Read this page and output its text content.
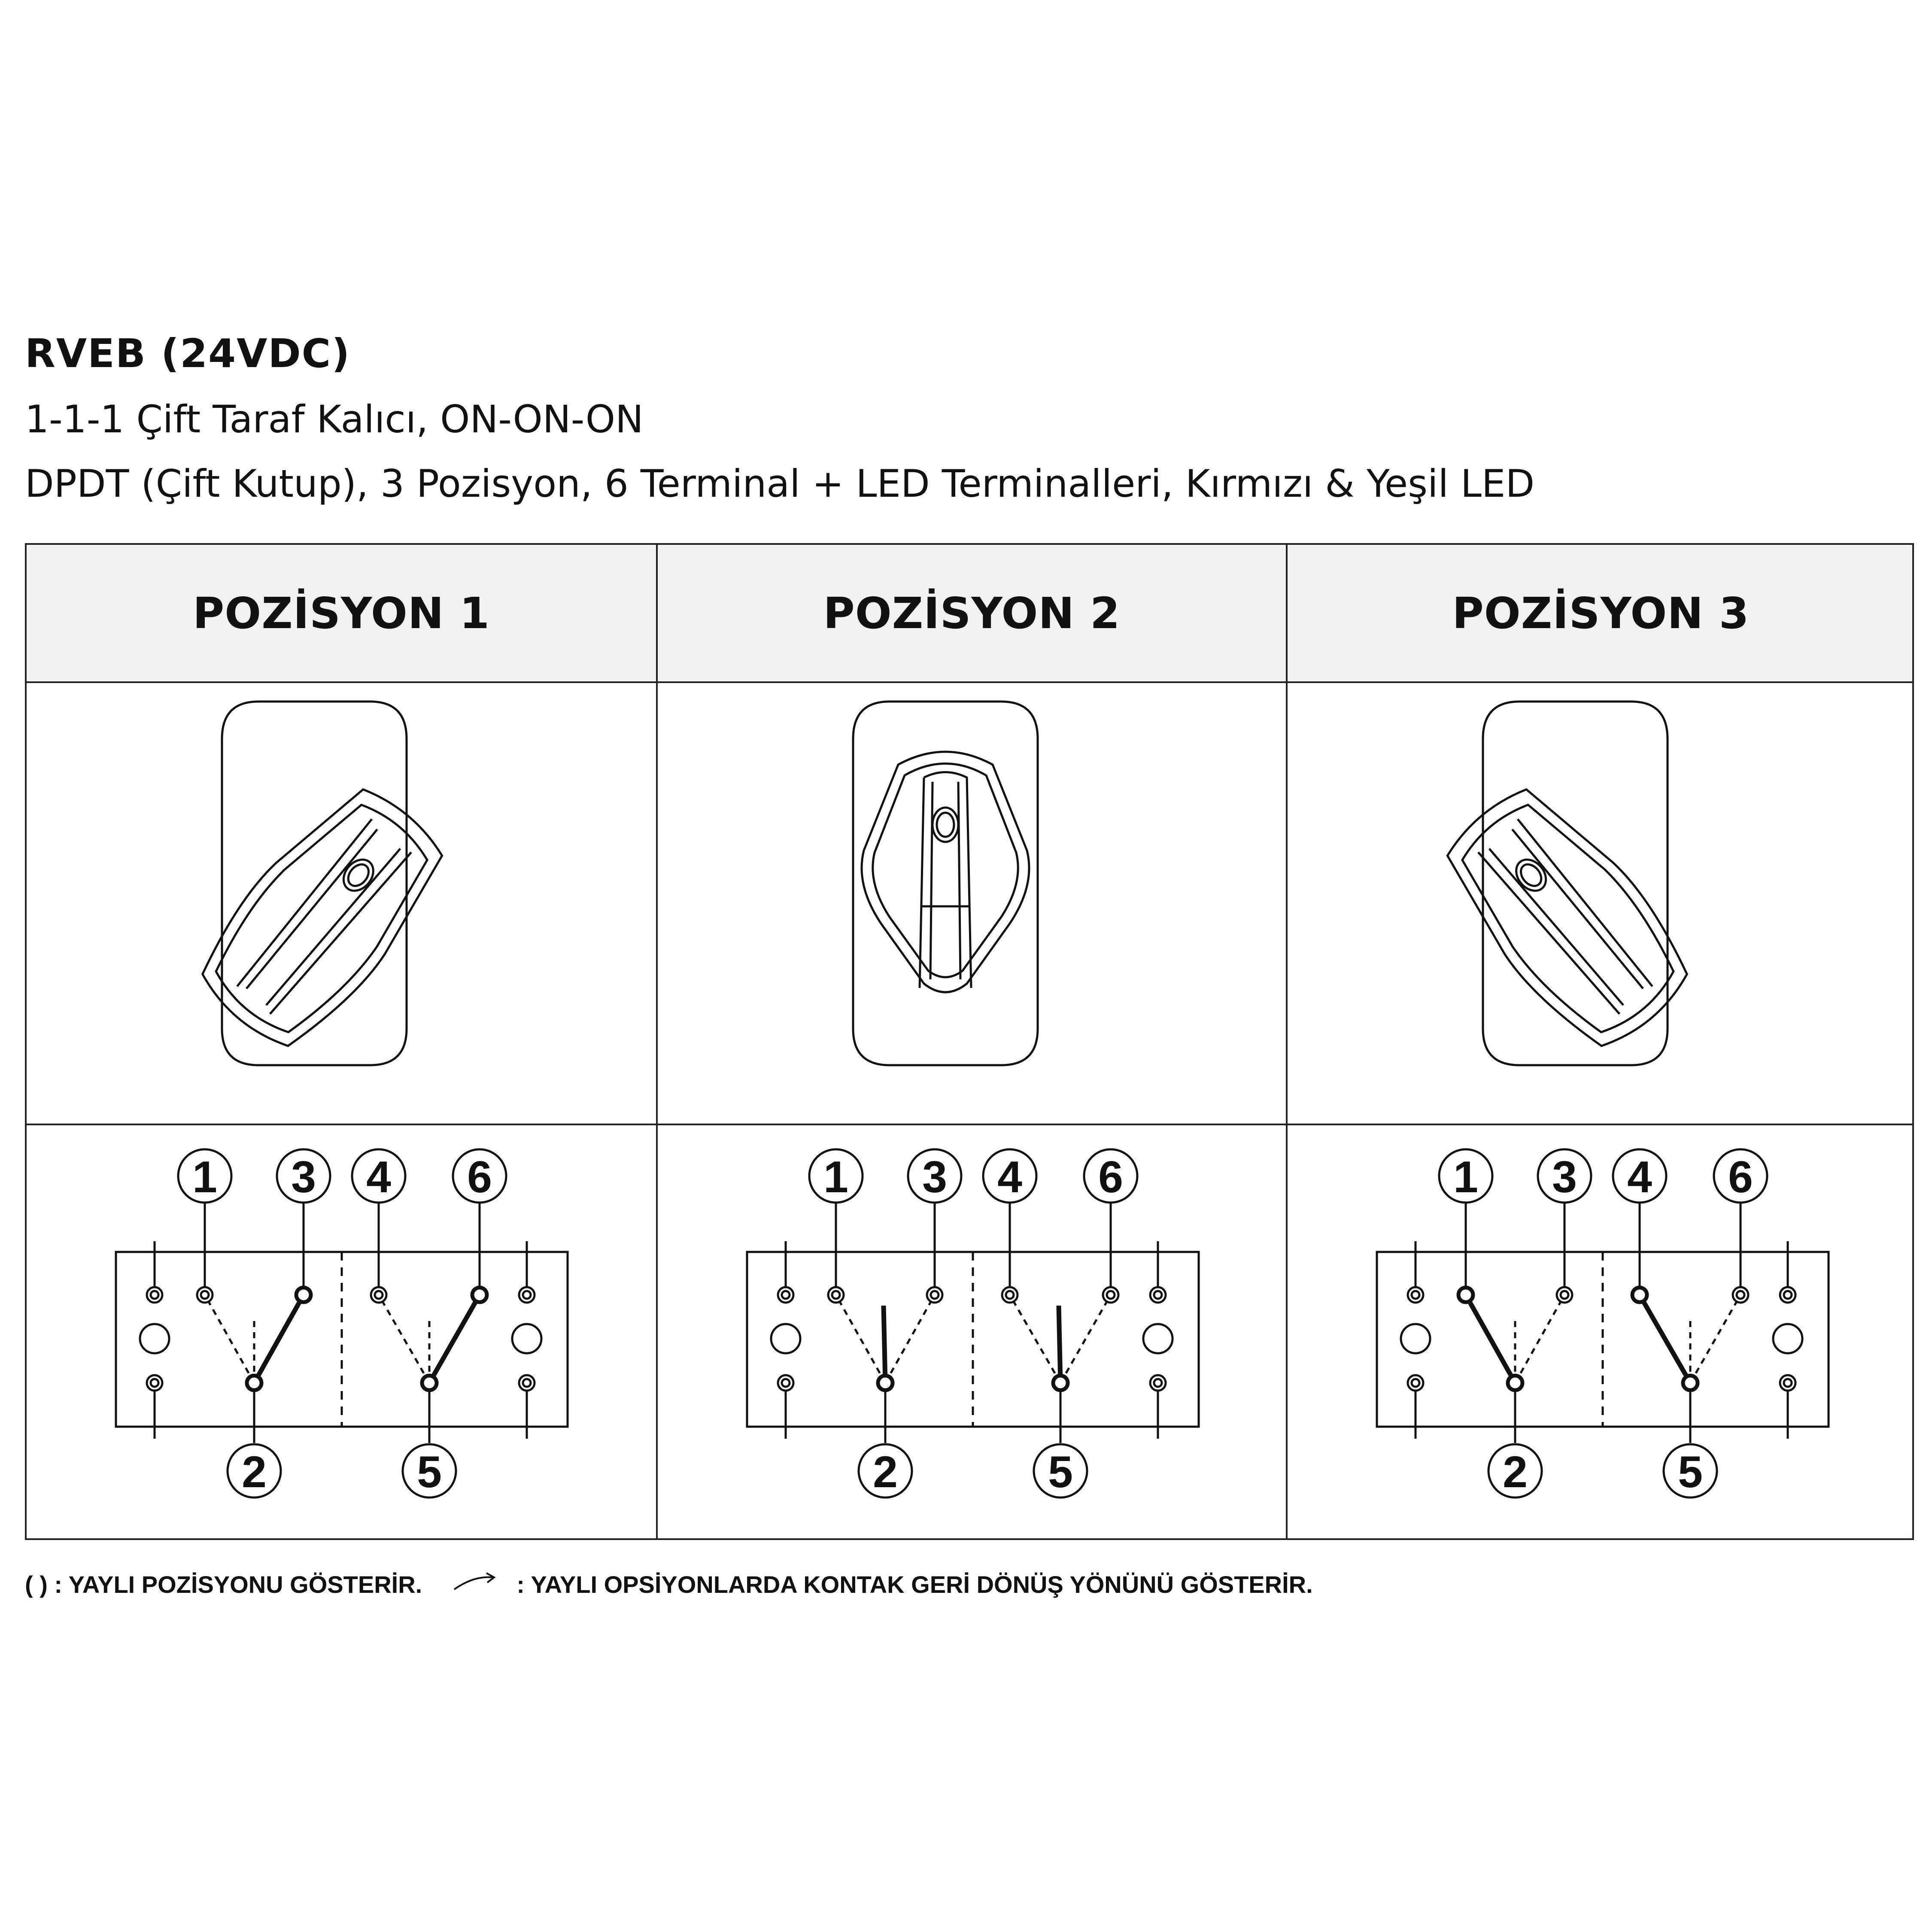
RVEB (24VDC)
1-1-1 Çift Taraf Kalıcı, ON-ON-ON
DPDT (Çift Kutup), 3 Pozisyon, 6 Terminal + LED Terminalleri, Kırmızı & Yeşil LED
POZİSYON 1	POZİSYON 2	POZİSYON 3
1 3
2
4 6
5
1 3
2
4 6
5
1 3
2
4 6
5
( ) : YAYLI POZİSYONU GÖSTERİR.	: YAYLI OPSİYONLARDA KONTAK GERİ DÖNÜŞ YÖNÜNÜ GÖSTERİR.
